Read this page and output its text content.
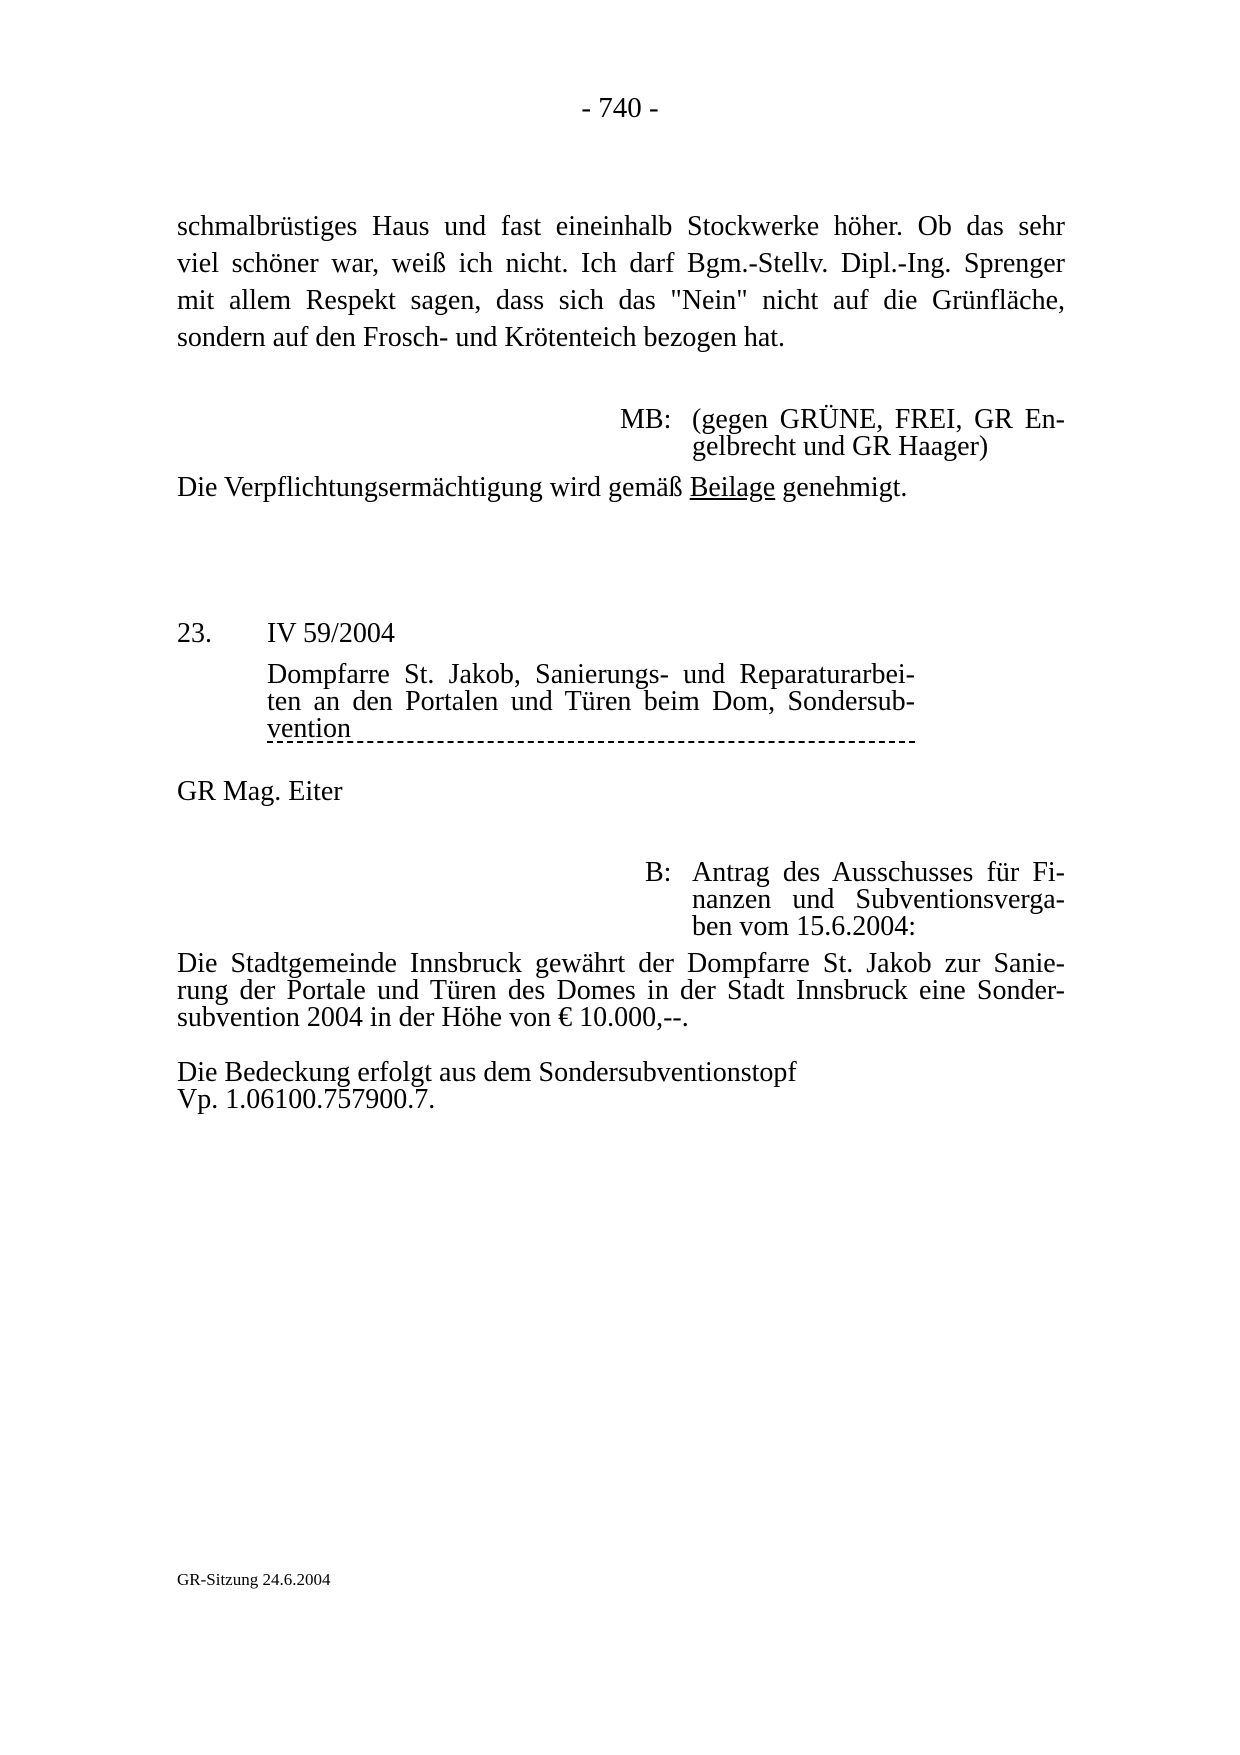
- 740 -
schmalbrüstiges Haus und fast eineinhalb Stockwerke höher. Ob das sehr
viel schöner war, weiß ich nicht. Ich darf Bgm.-Stellv. Dipl.-Ing. Sprenger
mit allem Respekt sagen, dass sich das "Nein" nicht auf die Grünfläche,
sondern auf den Frosch- und Krötenteich bezogen hat.
MB: (gegen GRÜNE, FREI, GR En-
gelbrecht und GR Haager)
Die Verpflichtungsermächtigung wird gemäß Beilage genehmigt.
23. IV 59/2004
Dompfarre St. Jakob, Sanierungs- und Reparaturarbei-
ten an den Portalen und Türen beim Dom, Sondersub-
vention
GR Mag. Eiter
B: Antrag des Ausschusses für Fi-
nanzen und Subventionsverga-
ben vom 15.6.2004:
Die Stadtgemeinde Innsbruck gewährt der Dompfarre St. Jakob zur Sanie-
rung der Portale und Türen des Domes in der Stadt Innsbruck eine Sonder-
subvention 2004 in der Höhe von € 10.000,--.
Die Bedeckung erfolgt aus dem Sondersubventionstopf
Vp. 1.06100.757900.7.
GR-Sitzung 24.6.2004
